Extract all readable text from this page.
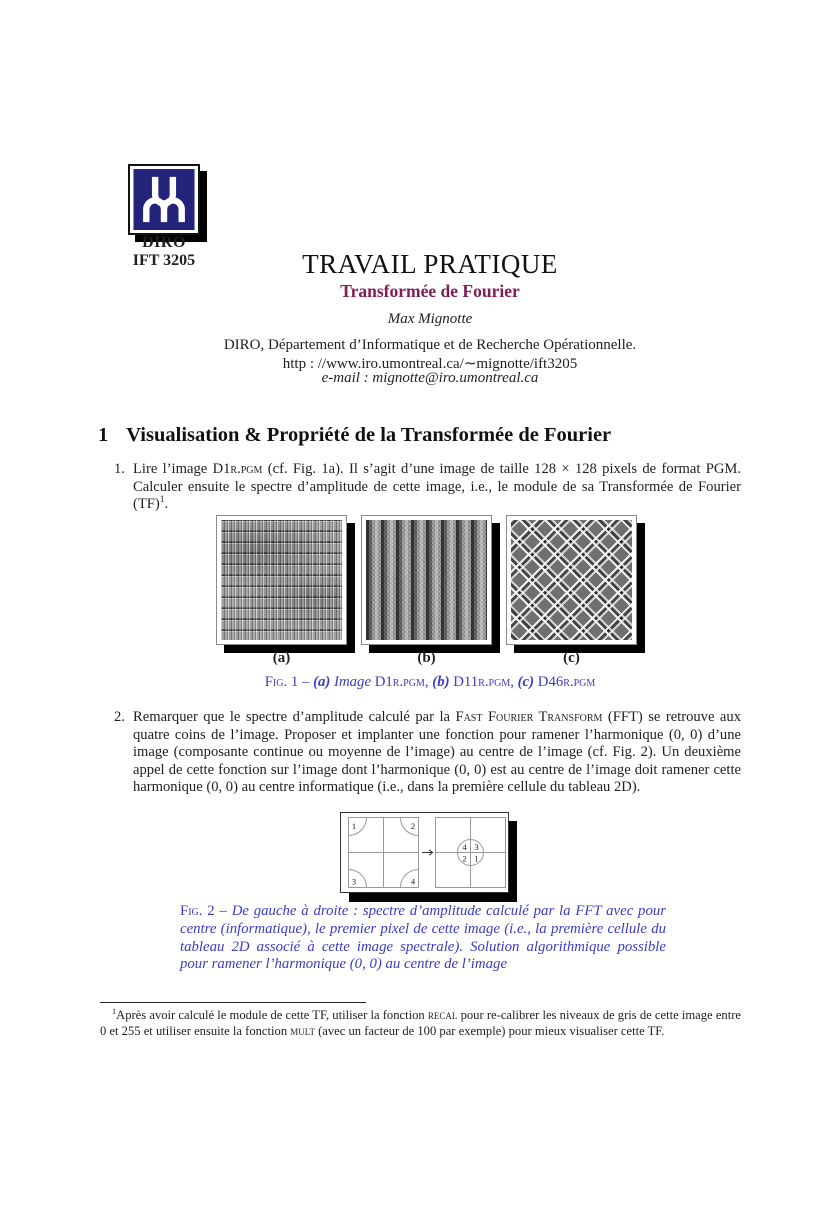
DIRO
IFT 3205	TRAVAIL PRATIQUE
Transformée de Fourier
Max Mignotte
DIRO, Département d’Informatique et de Recherche Opérationnelle.
http : //www.iro.umontreal.ca/∼mignotte/ift3205
e-mail : mignotte@iro.umontreal.ca
1 Visualisation & Propriété de la Transformée de Fourier
1. Lire l’image D1r.pgm (cf. Fig. 1a). Il s’agit d’une image de taille 128 × 128 pixels de format PGM. Calculer ensuite le spectre d’amplitude de cette image, i.e., le module de sa Transformée de Fourier (TF)$^1$.
(a)	(b)	(c)
Fig. 1 – (a) Image D1r.pgm, (b) D11r.pgm, (c) D46r.pgm
2. Remarquer que le spectre d’amplitude calculé par la Fast Fourier Transform (FFT) se retrouve aux quatre coins de l’image. Proposer et implanter une fonction pour ramener l’harmonique (0, 0) d’une image (composante continue ou moyenne de l’image) au centre de l’image (cf. Fig. 2). Un deuxième appel de cette fonction sur l’image dont l’harmonique (0, 0) est au centre de l’image doit ramener cette harmonique (0, 0) au centre informatique (i.e., dans la première cellule du tableau 2D).
1	2
3	4
4 3
2 1
Fig. 2 – De gauche à droite : spectre d’amplitude calculé par la FFT avec pour centre (informatique), le premier pixel de cette image (i.e., la première cellule du tableau 2D associé à cette image spectrale). Solution algorithmique possible pour ramener l’harmonique (0, 0) au centre de l’image
$^1$Après avoir calculé le module de cette TF, utiliser la fonction recal pour re-calibrer les niveaux de gris de cette image entre 0 et 255 et utiliser ensuite la fonction mult (avec un facteur de 100 par exemple) pour mieux visualiser cette TF.
